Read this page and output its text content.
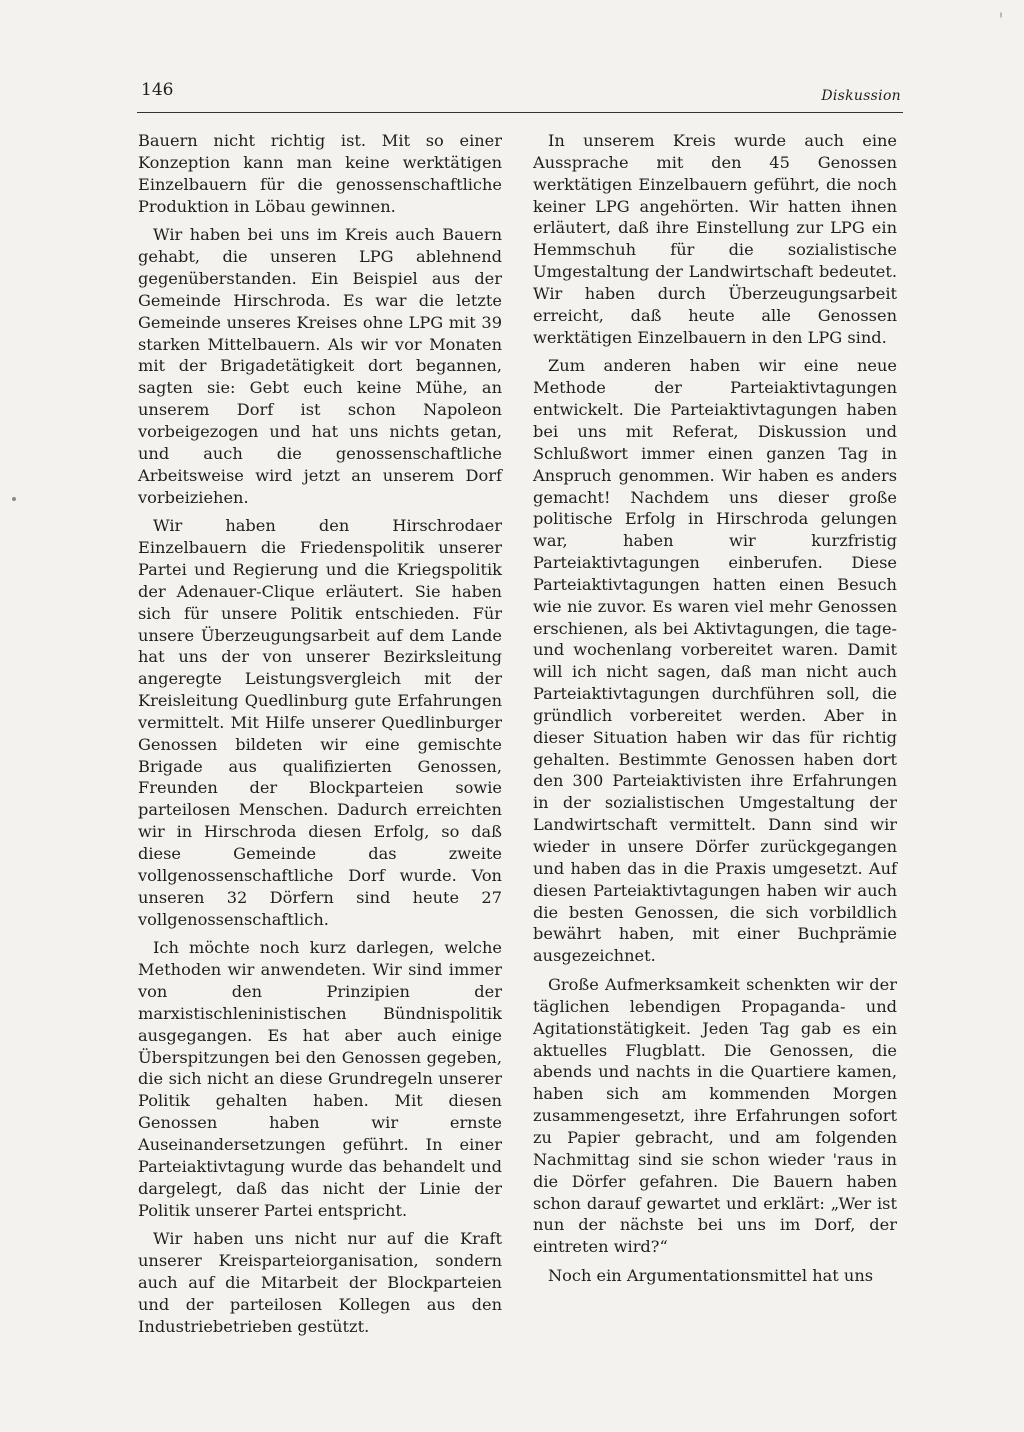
146	Diskussion

Bauern nicht richtig ist. Mit so einer Konzeption kann man keine werktätigen Einzelbauern für die genossenschaftliche Produktion in Löbau gewinnen.

Wir haben bei uns im Kreis auch Bauern gehabt, die unseren LPG ablehnend gegenüberstanden. Ein Beispiel aus der Gemeinde Hirschroda. Es war die letzte Gemeinde unseres Kreises ohne LPG mit 39 starken Mittelbauern. Als wir vor Monaten mit der Brigadetätigkeit dort begannen, sagten sie: Gebt euch keine Mühe, an unserem Dorf ist schon Napoleon vorbeigezogen und hat uns nichts getan, und auch die genossenschaftliche Arbeitsweise wird jetzt an unserem Dorf vorbeiziehen.

Wir haben den Hirschrodaer Einzelbauern die Friedenspolitik unserer Partei und Regierung und die Kriegspolitik der Adenauer-Clique erläutert. Sie haben sich für unsere Politik entschieden. Für unsere Überzeugungsarbeit auf dem Lande hat uns der von unserer Bezirksleitung angeregte Leistungsvergleich mit der Kreisleitung Quedlinburg gute Erfahrungen vermittelt. Mit Hilfe unserer Quedlinburger Genossen bildeten wir eine gemischte Brigade aus qualifizierten Genossen, Freunden der Blockparteien sowie parteilosen Menschen. Dadurch erreichten wir in Hirschroda diesen Erfolg, so daß diese Gemeinde das zweite vollgenossenschaftliche Dorf wurde. Von unseren 32 Dörfern sind heute 27 vollgenossenschaftlich.

Ich möchte noch kurz darlegen, welche Methoden wir anwendeten. Wir sind immer von den Prinzipien der marxistischleninistischen Bündnispolitik ausgegangen. Es hat aber auch einige Überspitzungen bei den Genossen gegeben, die sich nicht an diese Grundregeln unserer Politik gehalten haben. Mit diesen Genossen haben wir ernste Auseinandersetzungen geführt. In einer Parteiaktivtagung wurde das behandelt und dargelegt, daß das nicht der Linie der Politik unserer Partei entspricht.

Wir haben uns nicht nur auf die Kraft unserer Kreisparteiorganisation, sondern auch auf die Mitarbeit der Blockparteien und der parteilosen Kollegen aus den Industriebetrieben gestützt.

In unserem Kreis wurde auch eine Aussprache mit den 45 Genossen werktätigen Einzelbauern geführt, die noch keiner LPG angehörten. Wir hatten ihnen erläutert, daß ihre Einstellung zur LPG ein Hemmschuh für die sozialistische Umgestaltung der Landwirtschaft bedeutet. Wir haben durch Überzeugungsarbeit erreicht, daß heute alle Genossen werktätigen Einzelbauern in den LPG sind.

Zum anderen haben wir eine neue Methode der Parteiaktivtagungen entwickelt. Die Parteiaktivtagungen haben bei uns mit Referat, Diskussion und Schlußwort immer einen ganzen Tag in Anspruch genommen. Wir haben es anders gemacht! Nachdem uns dieser große politische Erfolg in Hirschroda gelungen war, haben wir kurzfristig Parteiaktivtagungen einberufen. Diese Parteiaktivtagungen hatten einen Besuch wie nie zuvor. Es waren viel mehr Genossen erschienen, als bei Aktivtagungen, die tage- und wochenlang vorbereitet waren. Damit will ich nicht sagen, daß man nicht auch Parteiaktivtagungen durchführen soll, die gründlich vorbereitet werden. Aber in dieser Situation haben wir das für richtig gehalten. Bestimmte Genossen haben dort den 300 Parteiaktivisten ihre Erfahrungen in der sozialistischen Umgestaltung der Landwirtschaft vermittelt. Dann sind wir wieder in unsere Dörfer zurückgegangen und haben das in die Praxis umgesetzt. Auf diesen Parteiaktivtagungen haben wir auch die besten Genossen, die sich vorbildlich bewährt haben, mit einer Buchprämie ausgezeichnet.

Große Aufmerksamkeit schenkten wir der täglichen lebendigen Propaganda- und Agitationstätigkeit. Jeden Tag gab es ein aktuelles Flugblatt. Die Genossen, die abends und nachts in die Quartiere kamen, haben sich am kommenden Morgen zusammengesetzt, ihre Erfahrungen sofort zu Papier gebracht, und am folgenden Nachmittag sind sie schon wieder 'raus in die Dörfer gefahren. Die Bauern haben schon darauf gewartet und erklärt: „Wer ist nun der nächste bei uns im Dorf, der eintreten wird?“

Noch ein Argumentationsmittel hat uns
